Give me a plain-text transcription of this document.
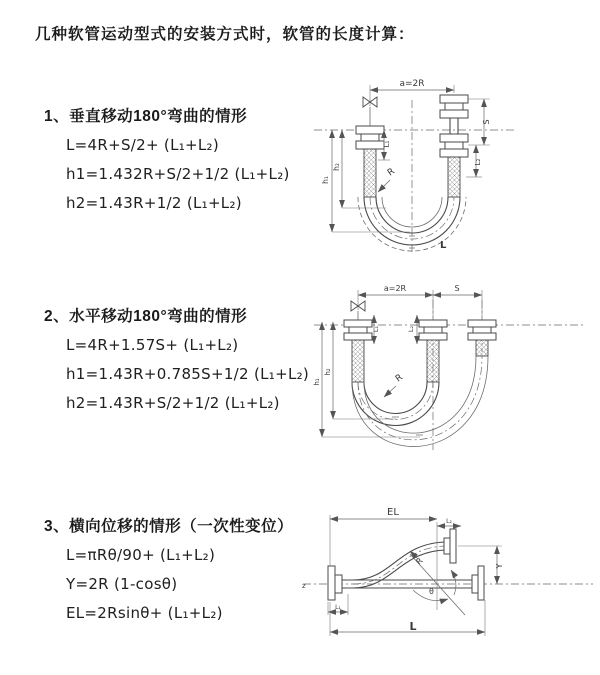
几种软管运动型式的安装方式时，软管的长度计算：
1、垂直移动180°弯曲的情形
L=4R+S/2+ (L₁+L₂)
h1=1.432R+S/2+1/2 (L₁+L₂)
h2=1.43R+1/2 (L₁+L₂)
2、水平移动180°弯曲的情形
L=4R+1.57S+ (L₁+L₂)
h1=1.43R+0.785S+1/2 (L₁+L₂)
h2=1.43R+S/2+1/2 (L₁+L₂)
3、横向位移的情形（一次性变位）
L=πRθ/90+ (L₁+L₂)
Y=2R (1-cosθ)
EL=2Rsinθ+ (L₁+L₂)
a=2R
h₁
h₂
L₁
S
L₂
R
L
a=2R	S
h₁
h₂
L₁	L₂
R
z
EL
L₂
Y
θ
R
L₁
L
